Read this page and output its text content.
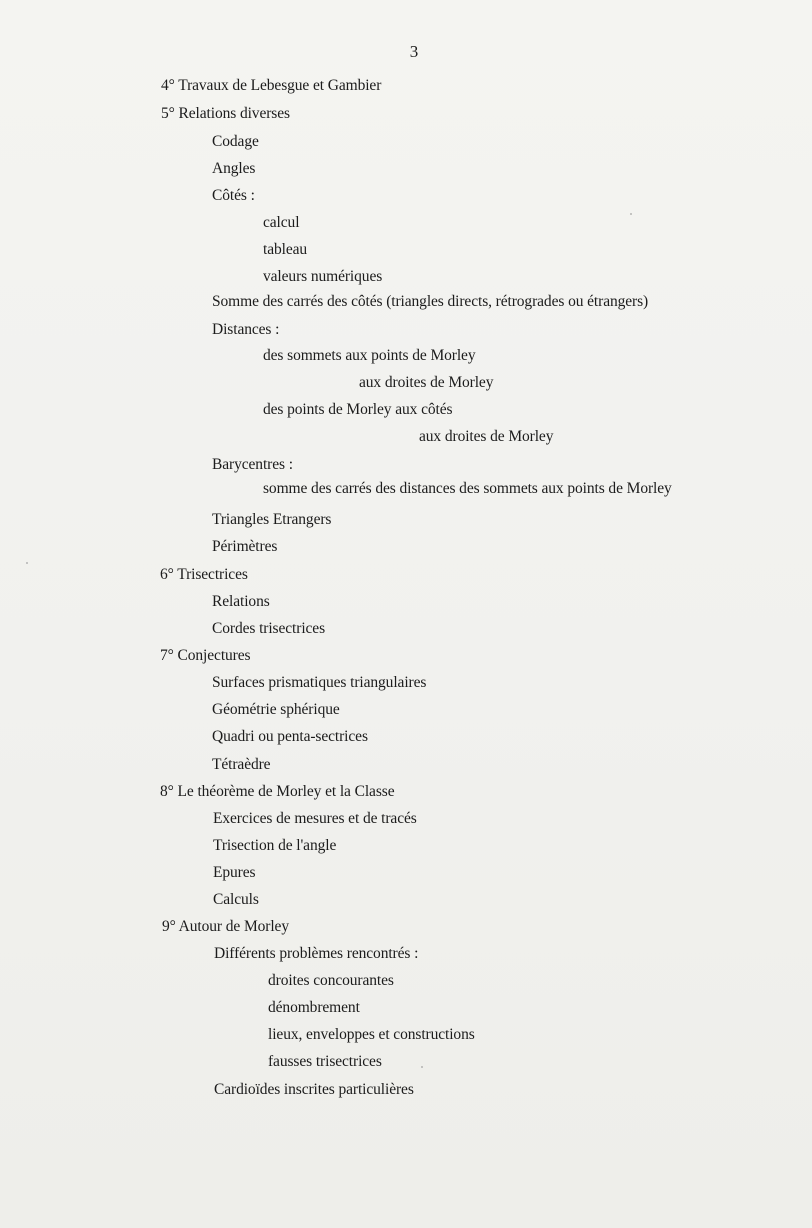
3
4° Travaux de Lebesgue et Gambier
5° Relations diverses
Codage
Angles
Côtés :
calcul
tableau
valeurs numériques
Somme des carrés des côtés (triangles directs, rétrogrades ou étrangers)
Distances :
des sommets aux points de Morley
aux droites de Morley
des points de Morley aux côtés
aux droites de Morley
Barycentres :
somme des carrés des distances des sommets aux points de Morley
Triangles Etrangers
Périmètres
6° Trisectrices
Relations
Cordes trisectrices
7° Conjectures
Surfaces prismatiques triangulaires
Géométrie sphérique
Quadri ou penta-sectrices
Tétraèdre
8° Le théorème de Morley et la Classe
Exercices de mesures et de tracés
Trisection de l'angle
Epures
Calculs
9° Autour de Morley
Différents problèmes rencontrés :
droites concourantes
dénombrement
lieux, enveloppes et constructions
fausses trisectrices
Cardioïdes inscrites particulières
